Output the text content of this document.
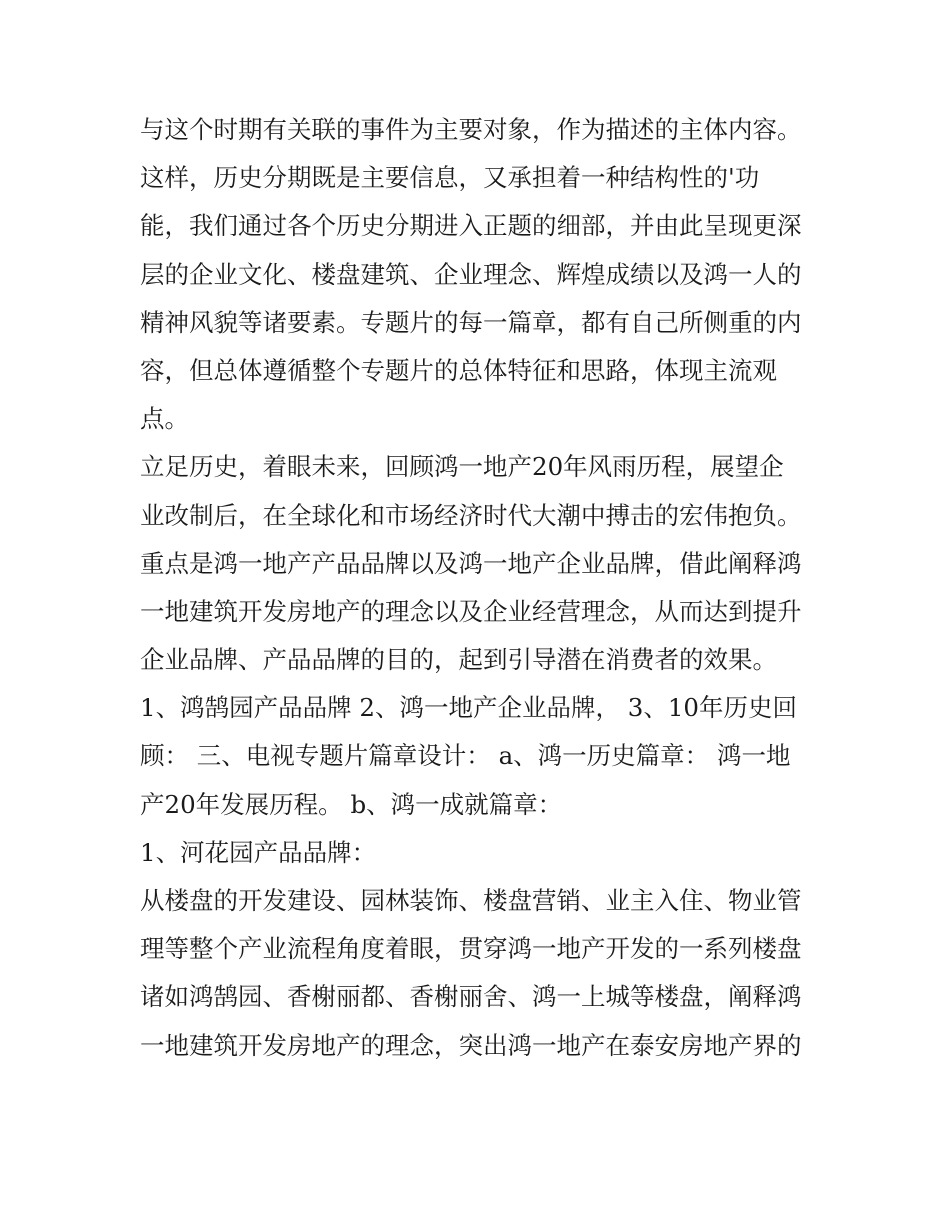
与这个时期有关联的事件为主要对象，作为描述的主体内容。
这样，历史分期既是主要信息，又承担着一种结构性的'功
能，我们通过各个历史分期进入正题的细部，并由此呈现更深
层的企业文化、楼盘建筑、企业理念、辉煌成绩以及鸿一人的
精神风貌等诸要素。专题片的每一篇章，都有自己所侧重的内
容，但总体遵循整个专题片的总体特征和思路，体现主流观
点。
立足历史，着眼未来，回顾鸿一地产20年风雨历程，展望企
业改制后，在全球化和市场经济时代大潮中搏击的宏伟抱负。
重点是鸿一地产产品品牌以及鸿一地产企业品牌，借此阐释鸿
一地建筑开发房地产的理念以及企业经营理念，从而达到提升
企业品牌、产品品牌的目的，起到引导潜在消费者的效果。
1、鸿鹄园产品品牌 2、鸿一地产企业品牌， 3、10年历史回
顾： 三、电视专题片篇章设计： a、鸿一历史篇章： 鸿一地
产20年发展历程。 b、鸿一成就篇章：
1、河花园产品品牌：
从楼盘的开发建设、园林装饰、楼盘营销、业主入住、物业管
理等整个产业流程角度着眼，贯穿鸿一地产开发的一系列楼盘
诸如鸿鹄园、香榭丽都、香榭丽舍、鸿一上城等楼盘，阐释鸿
一地建筑开发房地产的理念，突出鸿一地产在泰安房地产界的
